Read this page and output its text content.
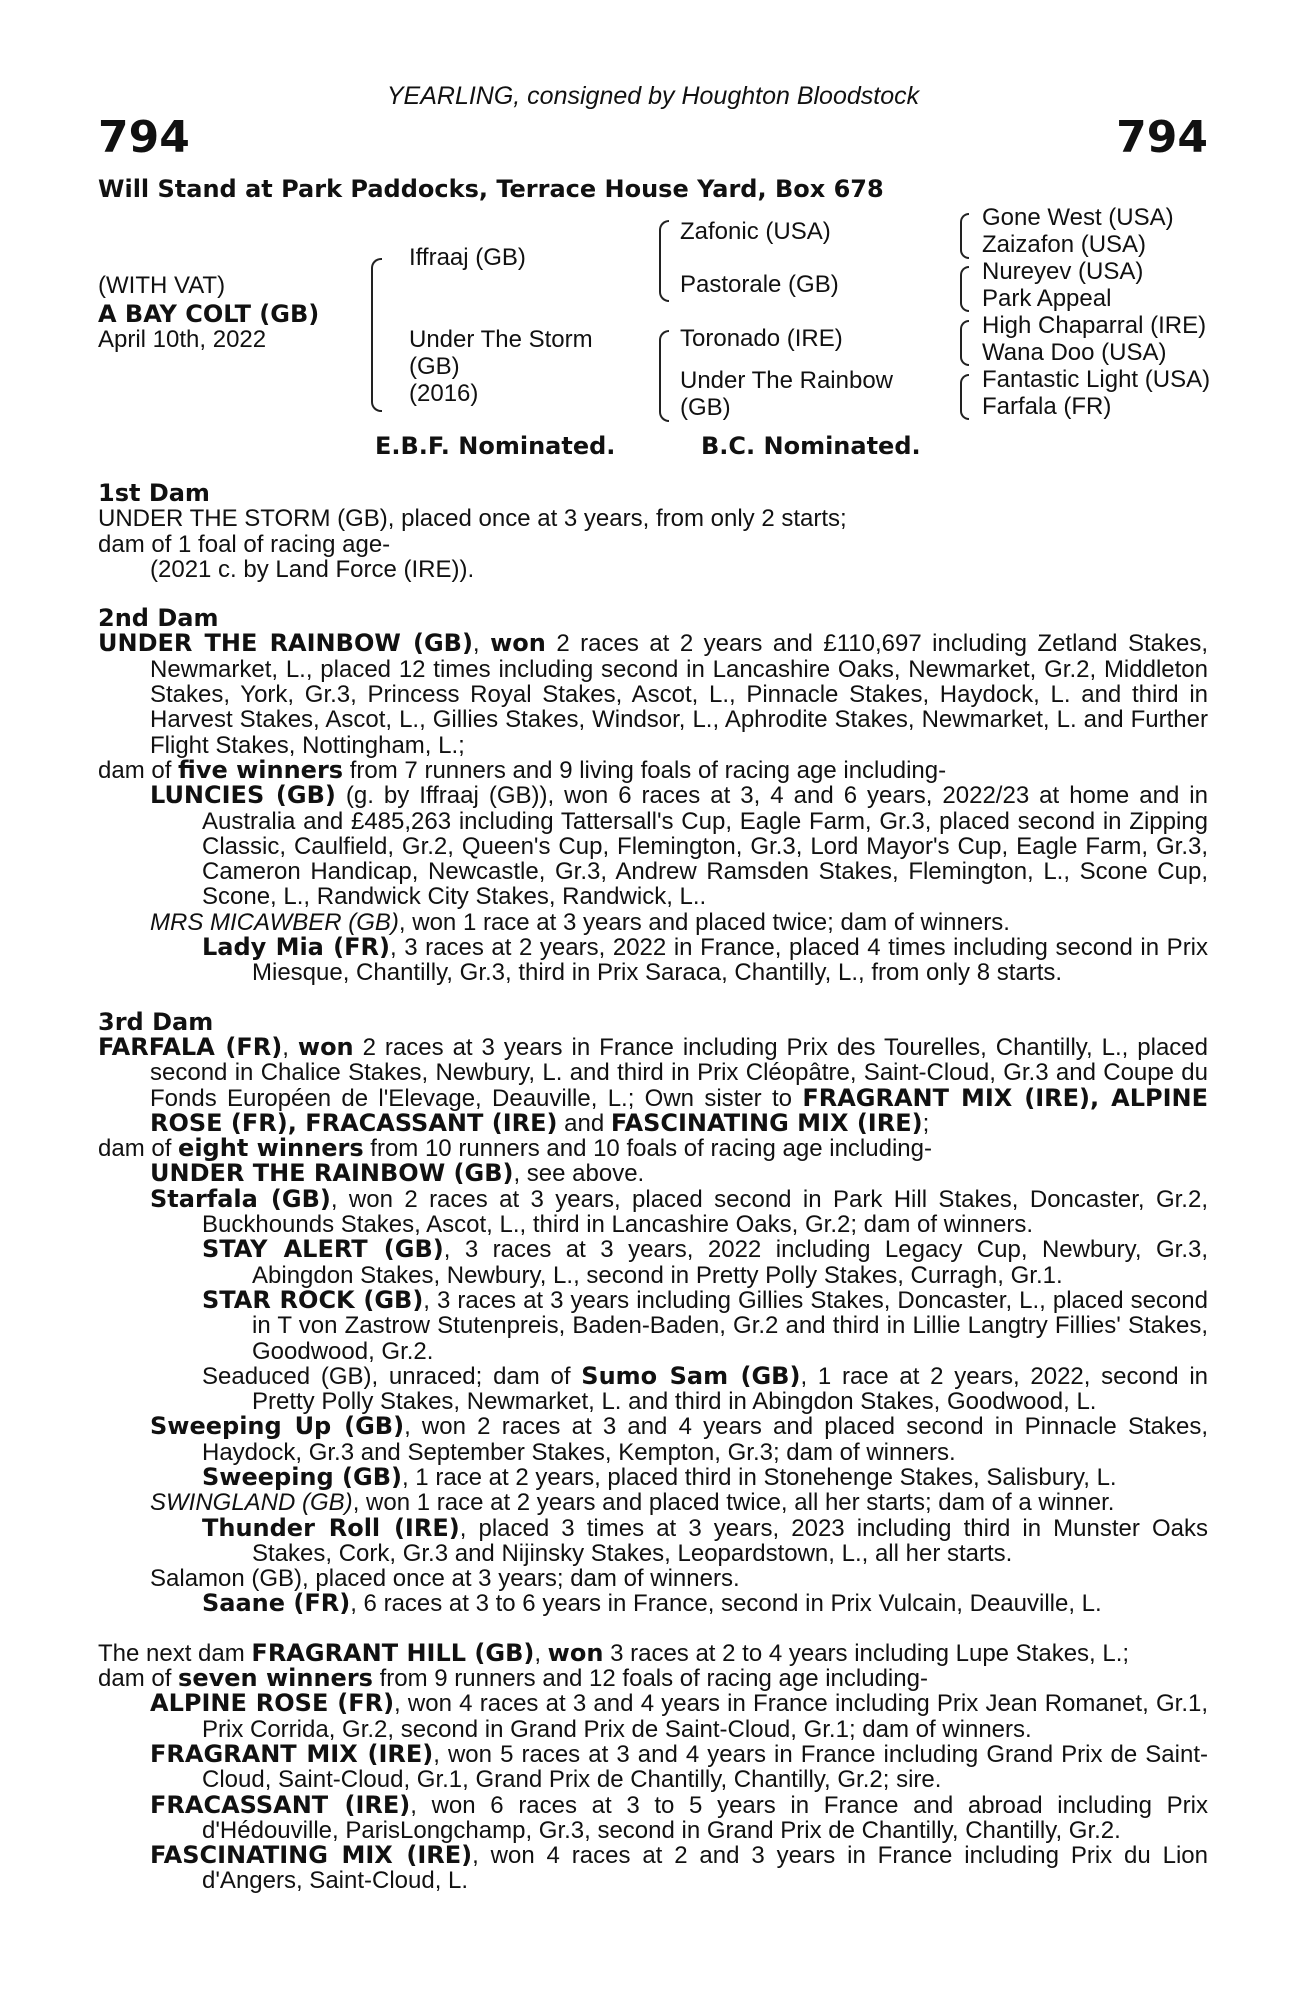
YEARLING, consigned by Houghton Bloodstock
794	794
Will Stand at Park Paddocks, Terrace House Yard, Box 678
(WITH VAT)
A BAY COLT (GB)
April 10th, 2022
Iffraaj (GB)
Under The Storm
(GB)
(2016)
Zafonic (USA)
Pastorale (GB)
Toronado (IRE)
Under The Rainbow
(GB)
Gone West (USA)
Zaizafon (USA)
Nureyev (USA)
Park Appeal
High Chaparral (IRE)
Wana Doo (USA)
Fantastic Light (USA)
Farfala (FR)
E.B.F. Nominated.	B.C. Nominated.
1st Dam
UNDER THE STORM (GB), placed once at 3 years, from only 2 starts;
dam of 1 foal of racing age-
(2021 c. by Land Force (IRE)).
2nd Dam
UNDER THE RAINBOW (GB), won 2 races at 2 years and £110,697 including Zetland Stakes, Newmarket, L., placed 12 times including second in Lancashire Oaks, Newmarket, Gr.2, Middleton Stakes, York, Gr.3, Princess Royal Stakes, Ascot, L., Pinnacle Stakes, Haydock, L. and third in Harvest Stakes, Ascot, L., Gillies Stakes, Windsor, L., Aphrodite Stakes, Newmarket, L. and Further Flight Stakes, Nottingham, L.;
dam of five winners from 7 runners and 9 living foals of racing age including-
LUNCIES (GB) (g. by Iffraaj (GB)), won 6 races at 3, 4 and 6 years, 2022/23 at home and in Australia and £485,263 including Tattersall's Cup, Eagle Farm, Gr.3, placed second in Zipping Classic, Caulfield, Gr.2, Queen's Cup, Flemington, Gr.3, Lord Mayor's Cup, Eagle Farm, Gr.3, Cameron Handicap, Newcastle, Gr.3, Andrew Ramsden Stakes, Flemington, L., Scone Cup, Scone, L., Randwick City Stakes, Randwick, L..
MRS MICAWBER (GB), won 1 race at 3 years and placed twice; dam of winners.
Lady Mia (FR), 3 races at 2 years, 2022 in France, placed 4 times including second in Prix Miesque, Chantilly, Gr.3, third in Prix Saraca, Chantilly, L., from only 8 starts.
3rd Dam
FARFALA (FR), won 2 races at 3 years in France including Prix des Tourelles, Chantilly, L., placed second in Chalice Stakes, Newbury, L. and third in Prix Cléopâtre, Saint-Cloud, Gr.3 and Coupe du Fonds Européen de l'Elevage, Deauville, L.; Own sister to FRAGRANT MIX (IRE), ALPINE ROSE (FR), FRACASSANT (IRE) and FASCINATING MIX (IRE);
dam of eight winners from 10 runners and 10 foals of racing age including-
UNDER THE RAINBOW (GB), see above.
Starfala (GB), won 2 races at 3 years, placed second in Park Hill Stakes, Doncaster, Gr.2, Buckhounds Stakes, Ascot, L., third in Lancashire Oaks, Gr.2; dam of winners.
STAY ALERT (GB), 3 races at 3 years, 2022 including Legacy Cup, Newbury, Gr.3, Abingdon Stakes, Newbury, L., second in Pretty Polly Stakes, Curragh, Gr.1.
STAR ROCK (GB), 3 races at 3 years including Gillies Stakes, Doncaster, L., placed second in T von Zastrow Stutenpreis, Baden-Baden, Gr.2 and third in Lillie Langtry Fillies' Stakes, Goodwood, Gr.2.
Seaduced (GB), unraced; dam of Sumo Sam (GB), 1 race at 2 years, 2022, second in Pretty Polly Stakes, Newmarket, L. and third in Abingdon Stakes, Goodwood, L.
Sweeping Up (GB), won 2 races at 3 and 4 years and placed second in Pinnacle Stakes, Haydock, Gr.3 and September Stakes, Kempton, Gr.3; dam of winners.
Sweeping (GB), 1 race at 2 years, placed third in Stonehenge Stakes, Salisbury, L.
SWINGLAND (GB), won 1 race at 2 years and placed twice, all her starts; dam of a winner.
Thunder Roll (IRE), placed 3 times at 3 years, 2023 including third in Munster Oaks Stakes, Cork, Gr.3 and Nijinsky Stakes, Leopardstown, L., all her starts.
Salamon (GB), placed once at 3 years; dam of winners.
Saane (FR), 6 races at 3 to 6 years in France, second in Prix Vulcain, Deauville, L.
The next dam FRAGRANT HILL (GB), won 3 races at 2 to 4 years including Lupe Stakes, L.;
dam of seven winners from 9 runners and 12 foals of racing age including-
ALPINE ROSE (FR), won 4 races at 3 and 4 years in France including Prix Jean Romanet, Gr.1, Prix Corrida, Gr.2, second in Grand Prix de Saint-Cloud, Gr.1; dam of winners.
FRAGRANT MIX (IRE), won 5 races at 3 and 4 years in France including Grand Prix de Saint-Cloud, Saint-Cloud, Gr.1, Grand Prix de Chantilly, Chantilly, Gr.2; sire.
FRACASSANT (IRE), won 6 races at 3 to 5 years in France and abroad including Prix d'Hédouville, ParisLongchamp, Gr.3, second in Grand Prix de Chantilly, Chantilly, Gr.2.
FASCINATING MIX (IRE), won 4 races at 2 and 3 years in France including Prix du Lion d'Angers, Saint-Cloud, L.
